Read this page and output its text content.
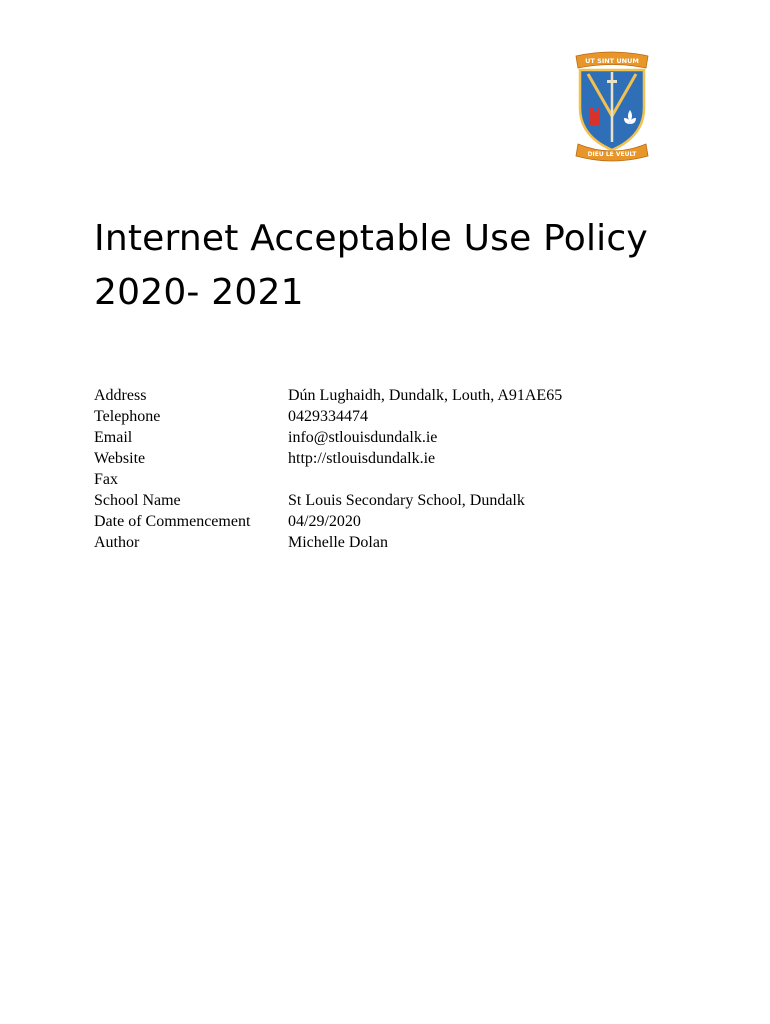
UT SINT UNUM
DIEU LE VEULT
Internet Acceptable Use Policy
2020- 2021
Address	Dún Lughaidh, Dundalk, Louth, A91AE65
Telephone	0429334474
Email	info@stlouisdundalk.ie
Website	http://stlouisdundalk.ie
Fax	
School Name	St Louis Secondary School, Dundalk
Date of Commencement	04/29/2020
Author	Michelle Dolan
